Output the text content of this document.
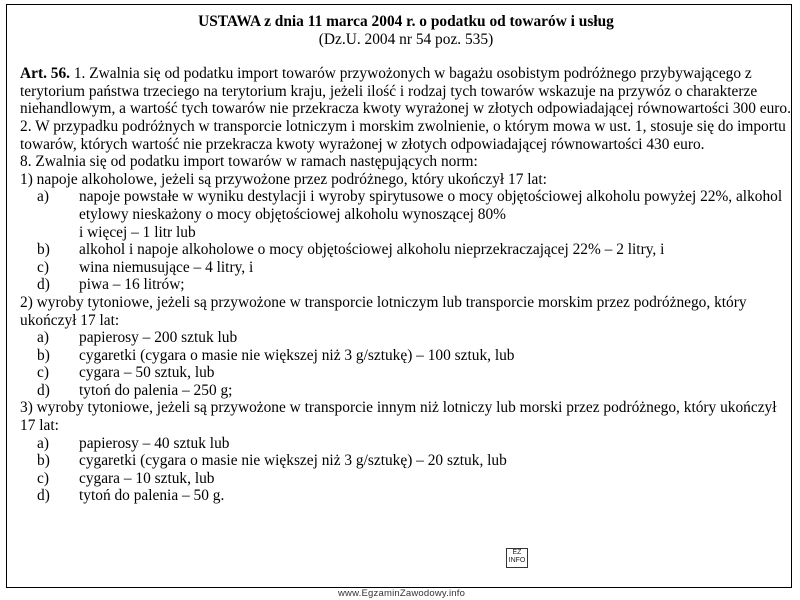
USTAWA z dnia 11 marca 2004 r. o podatku od towarów i usług
(Dz.U. 2004 nr 54 poz. 535)

Art. 56. 1. Zwalnia się od podatku import towarów przywożonych w bagażu osobistym podróżnego przybywającego z terytorium państwa trzeciego na terytorium kraju, jeżeli ilość i rodzaj tych towarów wskazuje na przywóz o charakterze niehandlowym, a wartość tych towarów nie przekracza kwoty wyrażonej w złotych odpowiadającej równowartości 300 euro.

2. W przypadku podróżnych w transporcie lotniczym i morskim zwolnienie, o którym mowa w ust. 1, stosuje się do importu towarów, których wartość nie przekracza kwoty wyrażonej w złotych odpowiadającej równowartości 430 euro.

8. Zwalnia się od podatku import towarów w ramach następujących norm:

1) napoje alkoholowe, jeżeli są przywożone przez podróżnego, który ukończył 17 lat:

a)	napoje powstałe w wyniku destylacji i wyroby spirytusowe o mocy objętościowej alkoholu powyżej 22%, alkohol etylowy nieskażony o mocy objętościowej alkoholu wynoszącej 80%
i więcej – 1 litr lub
b)	alkohol i napoje alkoholowe o mocy objętościowej alkoholu nieprzekraczającej 22% – 2 litry, i
c)	wina niemusujące – 4 litry, i
d)	piwa – 16 litrów;

2) wyroby tytoniowe, jeżeli są przywożone w transporcie lotniczym lub transporcie morskim przez podróżnego, który ukończył 17 lat:

a)	papierosy – 200 sztuk lub
b)	cygaretki (cygara o masie nie większej niż 3 g/sztukę) – 100 sztuk, lub
c)	cygara – 50 sztuk, lub
d)	tytoń do palenia – 250 g;

3) wyroby tytoniowe, jeżeli są przywożone w transporcie innym niż lotniczy lub morski przez podróżnego, który ukończył 17 lat:

a)	papierosy – 40 sztuk lub
b)	cygaretki (cygara o masie nie większej niż 3 g/sztukę) – 20 sztuk, lub
c)	cygara – 10 sztuk, lub
d)	tytoń do palenia – 50 g.
EZ
INFO
www.EgzaminZawodowy.info
